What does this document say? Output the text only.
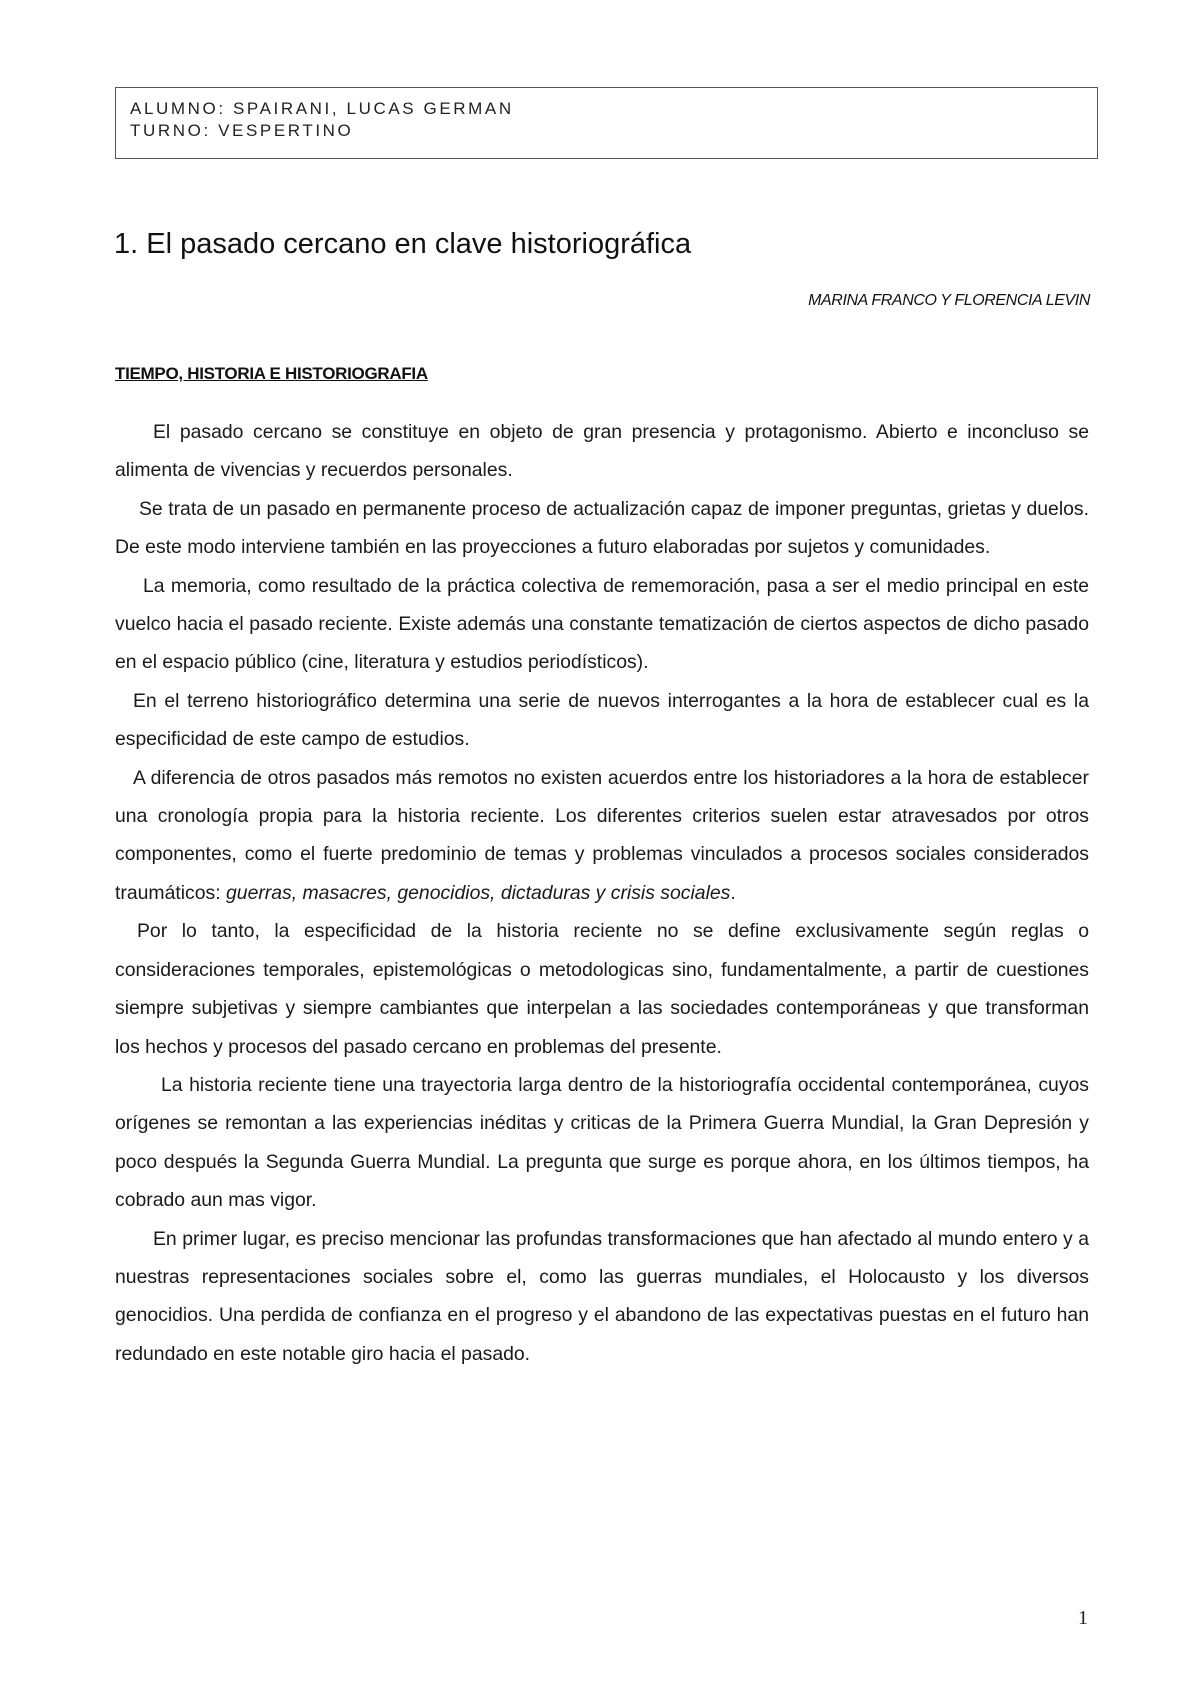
ALUMNO: SPAIRANI, LUCAS GERMAN
TURNO: VESPERTINO
1. El pasado cercano en clave historiográfica
MARINA FRANCO Y FLORENCIA LEVIN
TIEMPO, HISTORIA E HISTORIOGRAFIA

El pasado cercano se constituye en objeto de gran presencia y protagonismo. Abierto e inconcluso se alimenta de vivencias y recuerdos personales.

Se trata de un pasado en permanente proceso de actualización capaz de imponer preguntas, grietas y duelos. De este modo interviene también en las proyecciones a futuro elaboradas por sujetos y comunidades.

La memoria, como resultado de la práctica colectiva de rememoración, pasa a ser el medio principal en este vuelco hacia el pasado reciente. Existe además una constante tematización de ciertos aspectos de dicho pasado en el espacio público (cine, literatura y estudios periodísticos).

En el terreno historiográfico determina una serie de nuevos interrogantes a la hora de establecer cual es la especificidad de este campo de estudios.

A diferencia de otros pasados más remotos no existen acuerdos entre los historiadores a la hora de establecer una cronología propia para la historia reciente. Los diferentes criterios suelen estar atravesados por otros componentes, como el fuerte predominio de temas y problemas vinculados a procesos sociales considerados traumáticos: guerras, masacres, genocidios, dictaduras y crisis sociales.

Por lo tanto, la especificidad de la historia reciente no se define exclusivamente según reglas o consideraciones temporales, epistemológicas o metodologicas sino, fundamentalmente, a partir de cuestiones siempre subjetivas y siempre cambiantes que interpelan a las sociedades contemporáneas y que transforman los hechos y procesos del pasado cercano en problemas del presente.

La historia reciente tiene una trayectoria larga dentro de la historiografía occidental contemporánea, cuyos orígenes se remontan a las experiencias inéditas y criticas de la Primera Guerra Mundial, la Gran Depresión y poco después la Segunda Guerra Mundial. La pregunta que surge es porque ahora, en los últimos tiempos, ha cobrado aun mas vigor.

En primer lugar, es preciso mencionar las profundas transformaciones que han afectado al mundo entero y a nuestras representaciones sociales sobre el, como las guerras mundiales, el Holocausto y los diversos genocidios. Una perdida de confianza en el progreso y el abandono de las expectativas puestas en el futuro han redundado en este notable giro hacia el pasado.

1
